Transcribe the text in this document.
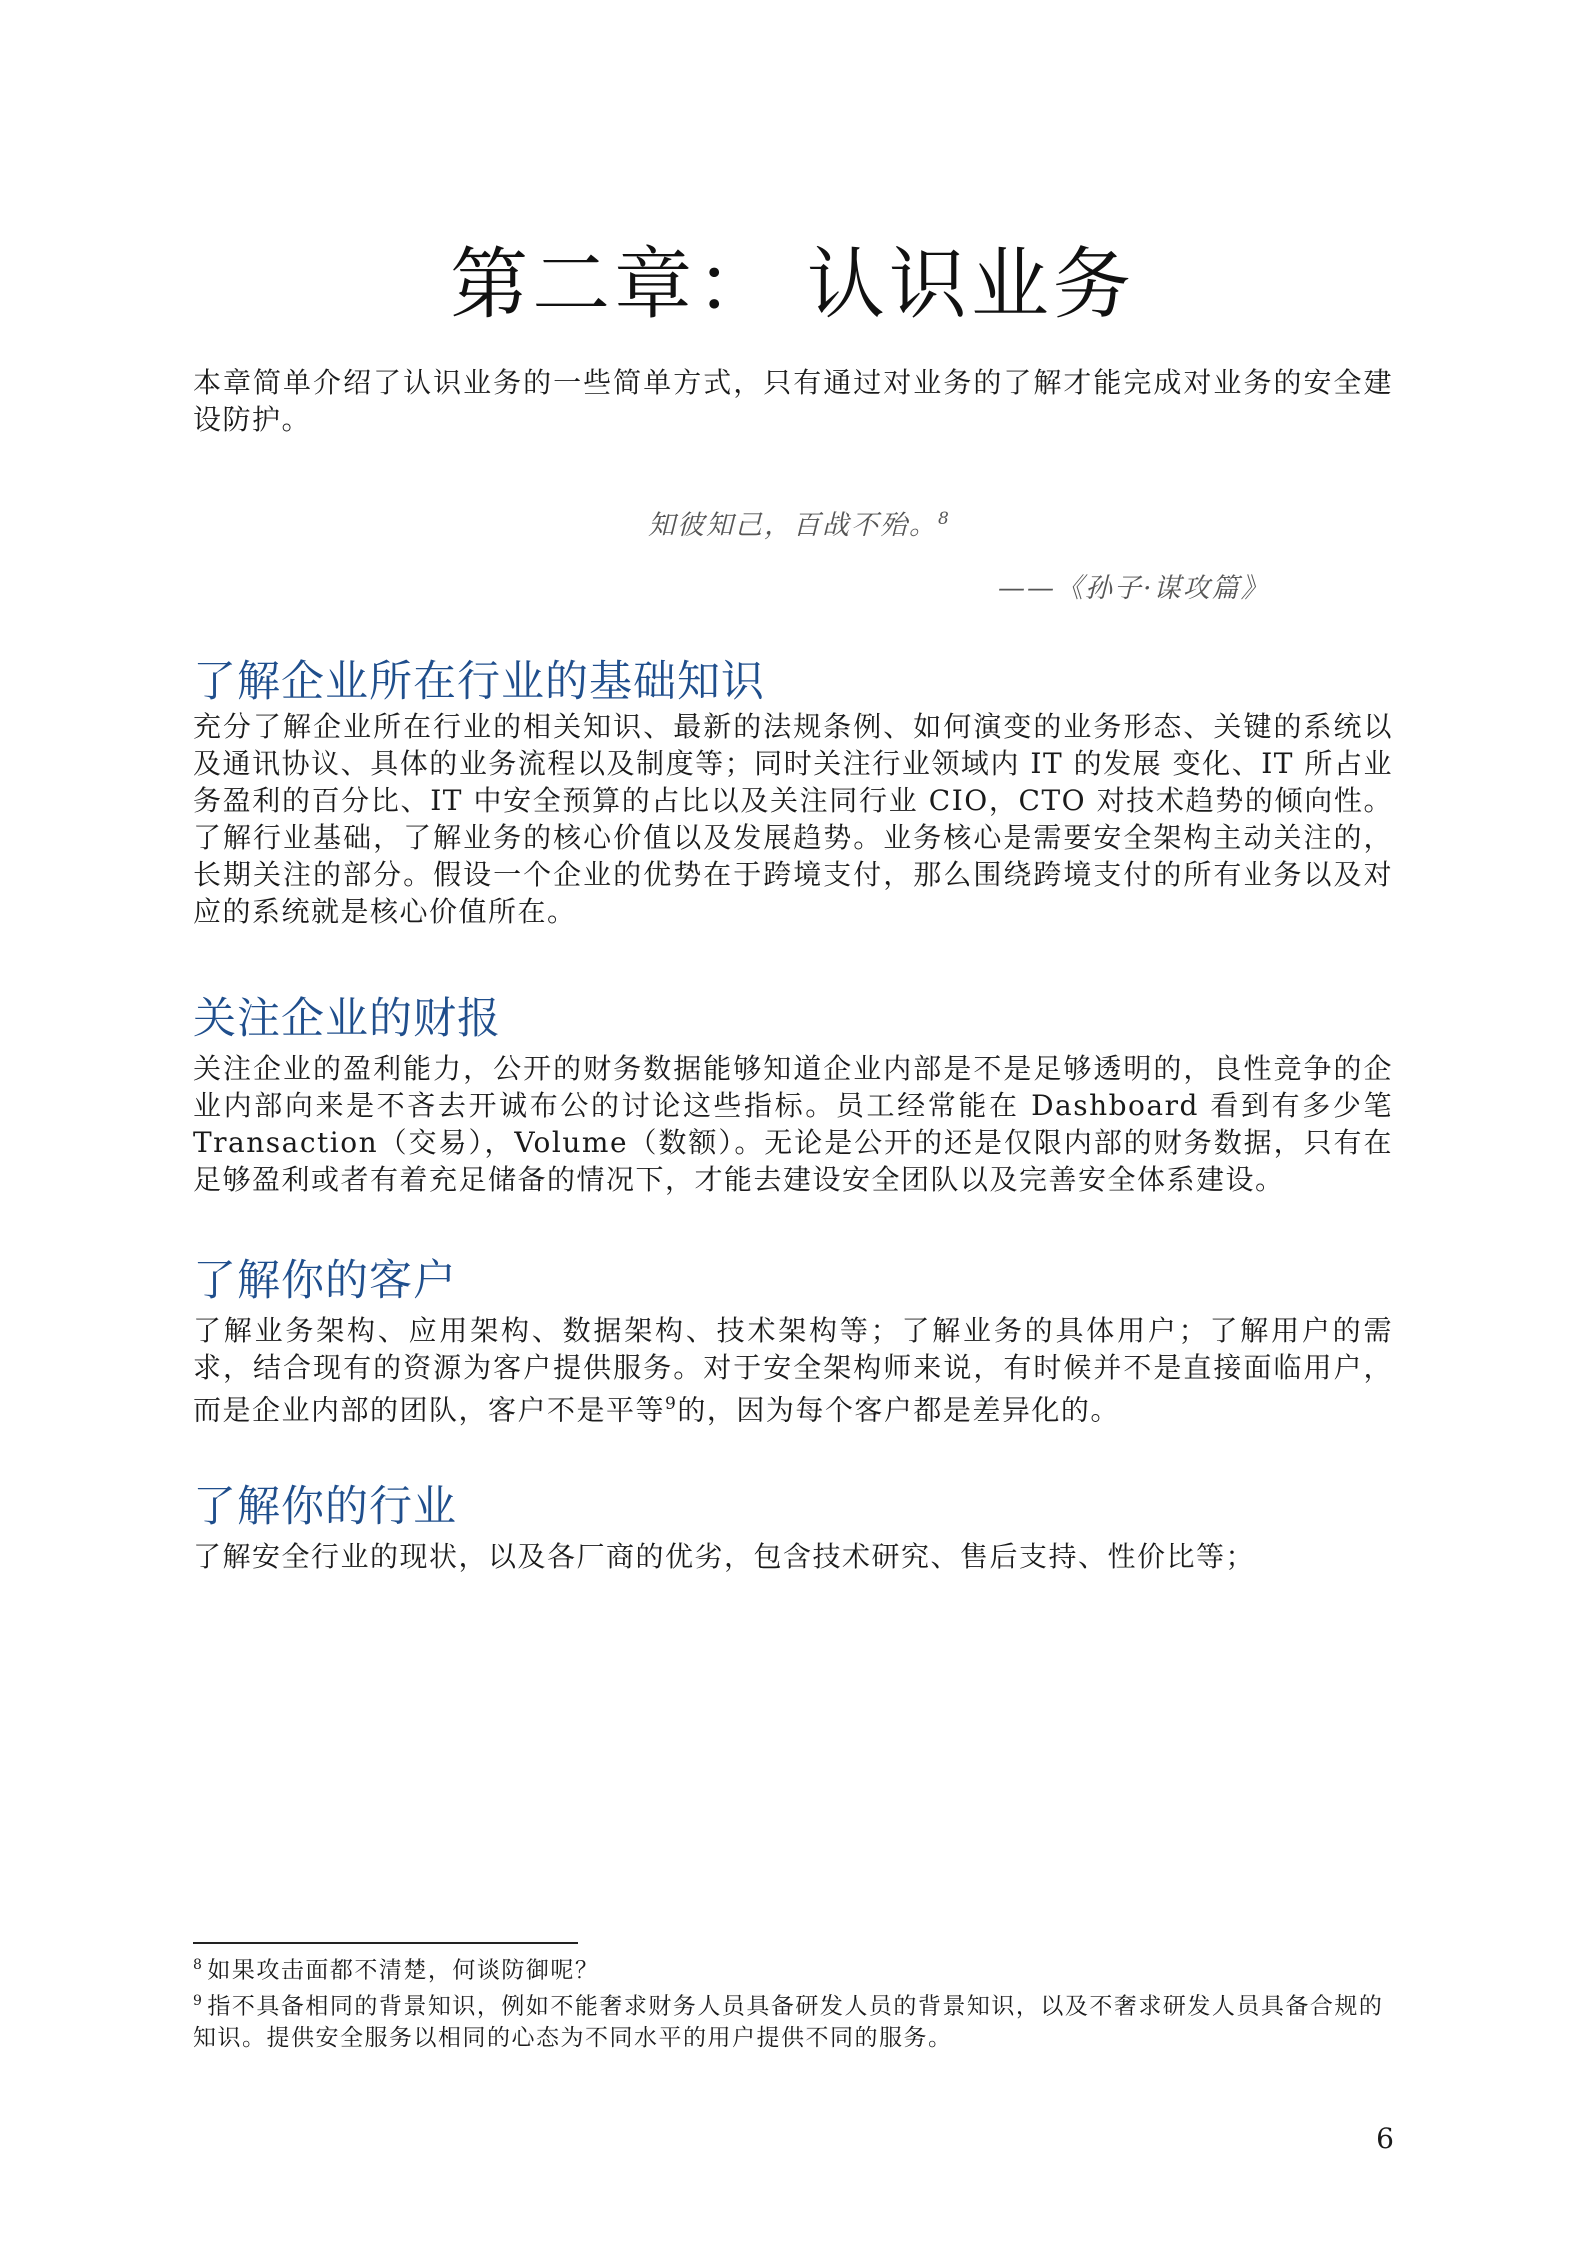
第二章： 认识业务

本章简单介绍了认识业务的一些简单方式，只有通过对业务的了解才能完成对业务的安全建设防护。

知彼知己，百战不殆。$^8$

——《孙子·谋攻篇》

了解企业所在行业的基础知识

充分了解企业所在行业的相关知识、最新的法规条例、如何演变的业务形态、关键的系统以及通讯协议、具体的业务流程以及制度等；同时关注行业领域内 IT 的发展 变化、IT 所占业务盈利的百分比、IT 中安全预算的占比以及关注同行业 CIO，CTO 对技术趋势的倾向性。了解行业基础，了解业务的核心价值以及发展趋势。业务核心是需要安全架构主动关注的，长期关注的部分。假设一个企业的优势在于跨境支付，那么围绕跨境支付的所有业务以及对应的系统就是核心价值所在。

关注企业的财报

关注企业的盈利能力，公开的财务数据能够知道企业内部是不是足够透明的，良性竞争的企业内部向来是不吝去开诚布公的讨论这些指标。员工经常能在 Dashboard 看到有多少笔 Transaction（交易），Volume（数额）。无论是公开的还是仅限内部的财务数据，只有在足够盈利或者有着充足储备的情况下，才能去建设安全团队以及完善安全体系建设。

了解你的客户

了解业务架构、应用架构、数据架构、技术架构等；了解业务的具体用户；了解用户的需求，结合现有的资源为客户提供服务。对于安全架构师来说，有时候并不是直接面临用户，而是企业内部的团队，客户不是平等$^9$的，因为每个客户都是差异化的。

了解你的行业

了解安全行业的现状，以及各厂商的优劣，包含技术研究、售后支持、性价比等；

$^8$ 如果攻击面都不清楚，何谈防御呢？

$^9$ 指不具备相同的背景知识，例如不能奢求财务人员具备研发人员的背景知识，以及不奢求研发人员具备合规的知识。提供安全服务以相同的心态为不同水平的用户提供不同的服务。

6
